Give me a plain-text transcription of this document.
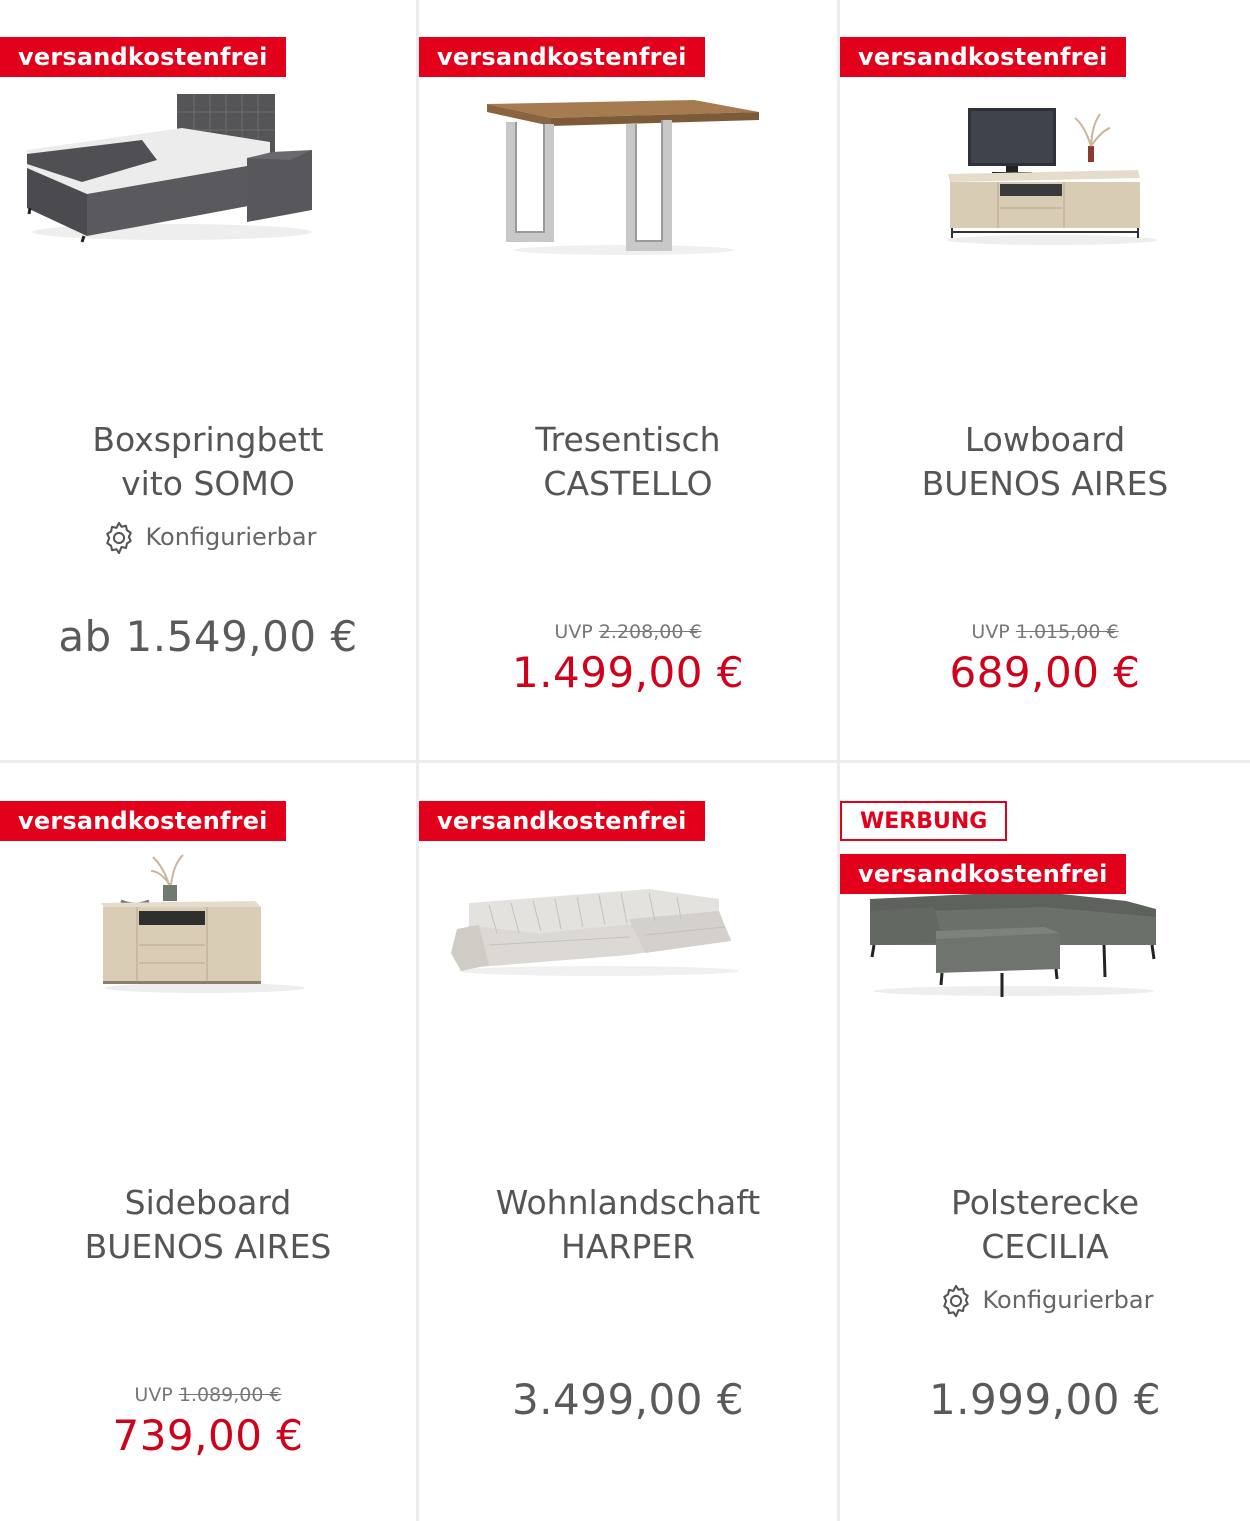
versandkostenfrei
Boxspringbett
vito SOMO
Konfigurierbar
ab 1.549,00 €
versandkostenfrei
Tresentisch
CASTELLO
UVP 2.208,00 €
1.499,00 €
versandkostenfrei
Lowboard
BUENOS AIRES
UVP 1.015,00 €
689,00 €
versandkostenfrei
Sideboard
BUENOS AIRES
UVP 1.089,00 €
739,00 €
versandkostenfrei
Wohnlandschaft
HARPER
3.499,00 €
WERBUNG
versandkostenfrei
Polsterecke
CECILIA
Konfigurierbar
1.999,00 €
